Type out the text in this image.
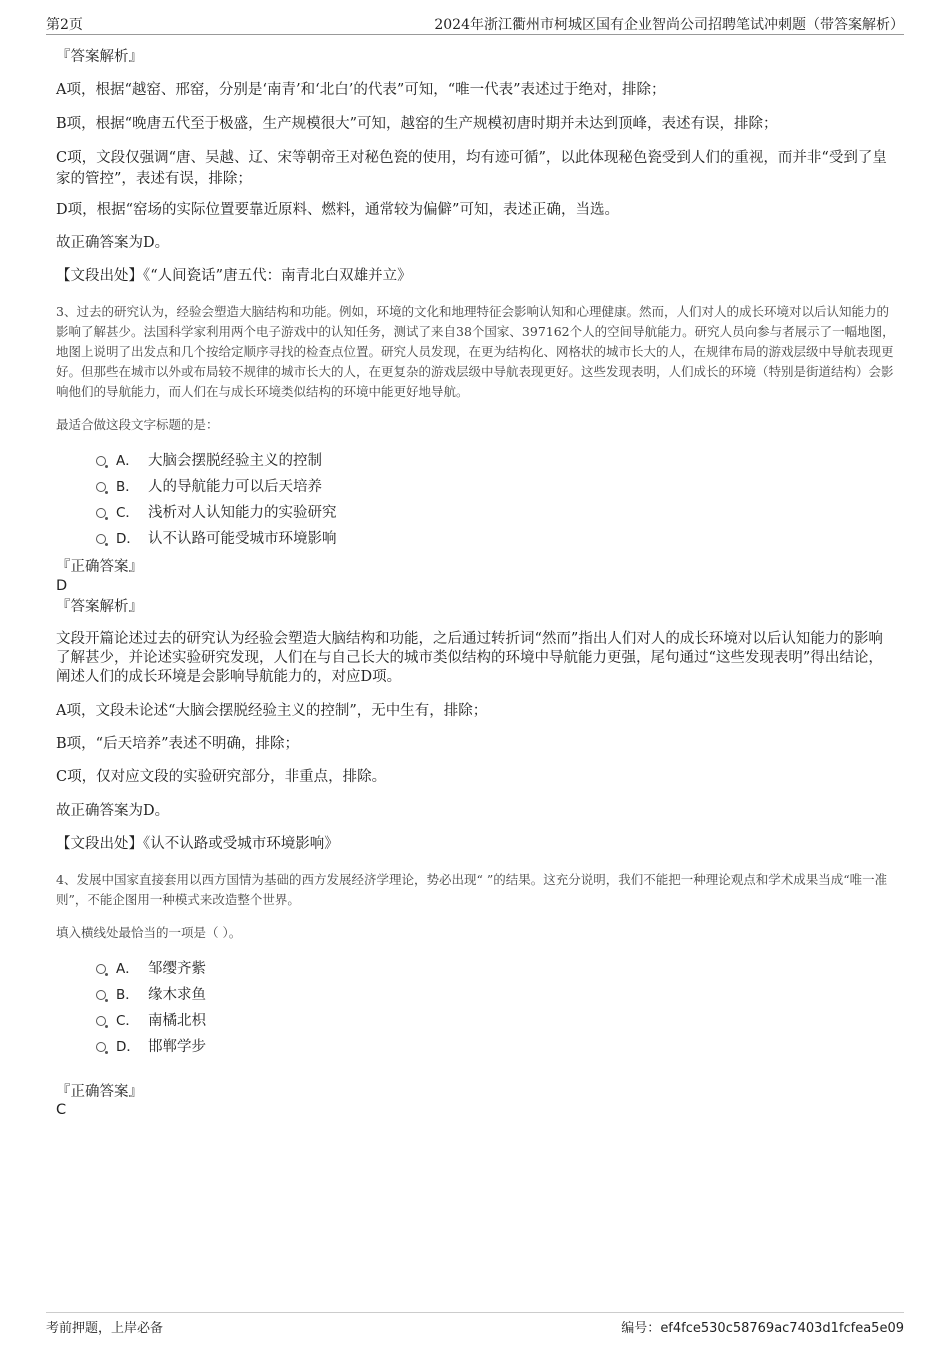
第2页	2024年浙江衢州市柯城区国有企业智尚公司招聘笔试冲刺题（带答案解析）
『答案解析』
A项，根据“越窑、邢窑，分别是‘南青’和‘北白’的代表”可知，“唯一代表”表述过于绝对，排除；
B项，根据“晚唐五代至于极盛，生产规模很大”可知，越窑的生产规模初唐时期并未达到顶峰，表述有误，排除；
C项，文段仅强调“唐、吴越、辽、宋等朝帝王对秘色瓷的使用，均有迹可循”，以此体现秘色瓷受到人们的重视，而并非“受到了皇家的管控”，表述有误，排除；
D项，根据“窑场的实际位置要靠近原料、燃料，通常较为偏僻”可知，表述正确，当选。
故正确答案为D。
【文段出处】《“人间瓷话”唐五代：南青北白双雄并立》
3、过去的研究认为，经验会塑造大脑结构和功能。例如，环境的文化和地理特征会影响认知和心理健康。然而，人们对人的成长环境对以后认知能力的影响了解甚少。法国科学家利用两个电子游戏中的认知任务，测试了来自38个国家、397162个人的空间导航能力。研究人员向参与者展示了一幅地图，地图上说明了出发点和几个按给定顺序寻找的检查点位置。研究人员发现，在更为结构化、网格状的城市长大的人，在规律布局的游戏层级中导航表现更好。但那些在城市以外或布局较不规律的城市长大的人，在更复杂的游戏层级中导航表现更好。这些发现表明，人们成长的环境（特别是街道结构）会影响他们的导航能力，而人们在与成长环境类似结构的环境中能更好地导航。
最适合做这段文字标题的是：
A． 大脑会摆脱经验主义的控制
B． 人的导航能力可以后天培养
C． 浅析对人认知能力的实验研究
D． 认不认路可能受城市环境影响
『正确答案』
D
『答案解析』
文段开篇论述过去的研究认为经验会塑造大脑结构和功能，之后通过转折词“然而”指出人们对人的成长环境对以后认知能力的影响了解甚少，并论述实验研究发现，人们在与自己长大的城市类似结构的环境中导航能力更强，尾句通过“这些发现表明”得出结论，阐述人们的成长环境是会影响导航能力的，对应D项。
A项，文段未论述“大脑会摆脱经验主义的控制”，无中生有，排除；
B项，“后天培养”表述不明确，排除；
C项，仅对应文段的实验研究部分，非重点，排除。
故正确答案为D。
【文段出处】《认不认路或受城市环境影响》
4、发展中国家直接套用以西方国情为基础的西方发展经济学理论，势必出现“ ”的结果。这充分说明，我们不能把一种理论观点和学术成果当成“唯一准则”，不能企图用一种模式来改造整个世界。
填入横线处最恰当的一项是（ ）。
A． 邹缨齐紫
B． 缘木求鱼
C． 南橘北枳
D． 邯郸学步
『正确答案』
C
考前押题，上岸必备	编号：ef4fce530c58769ac7403d1fcfea5e09
